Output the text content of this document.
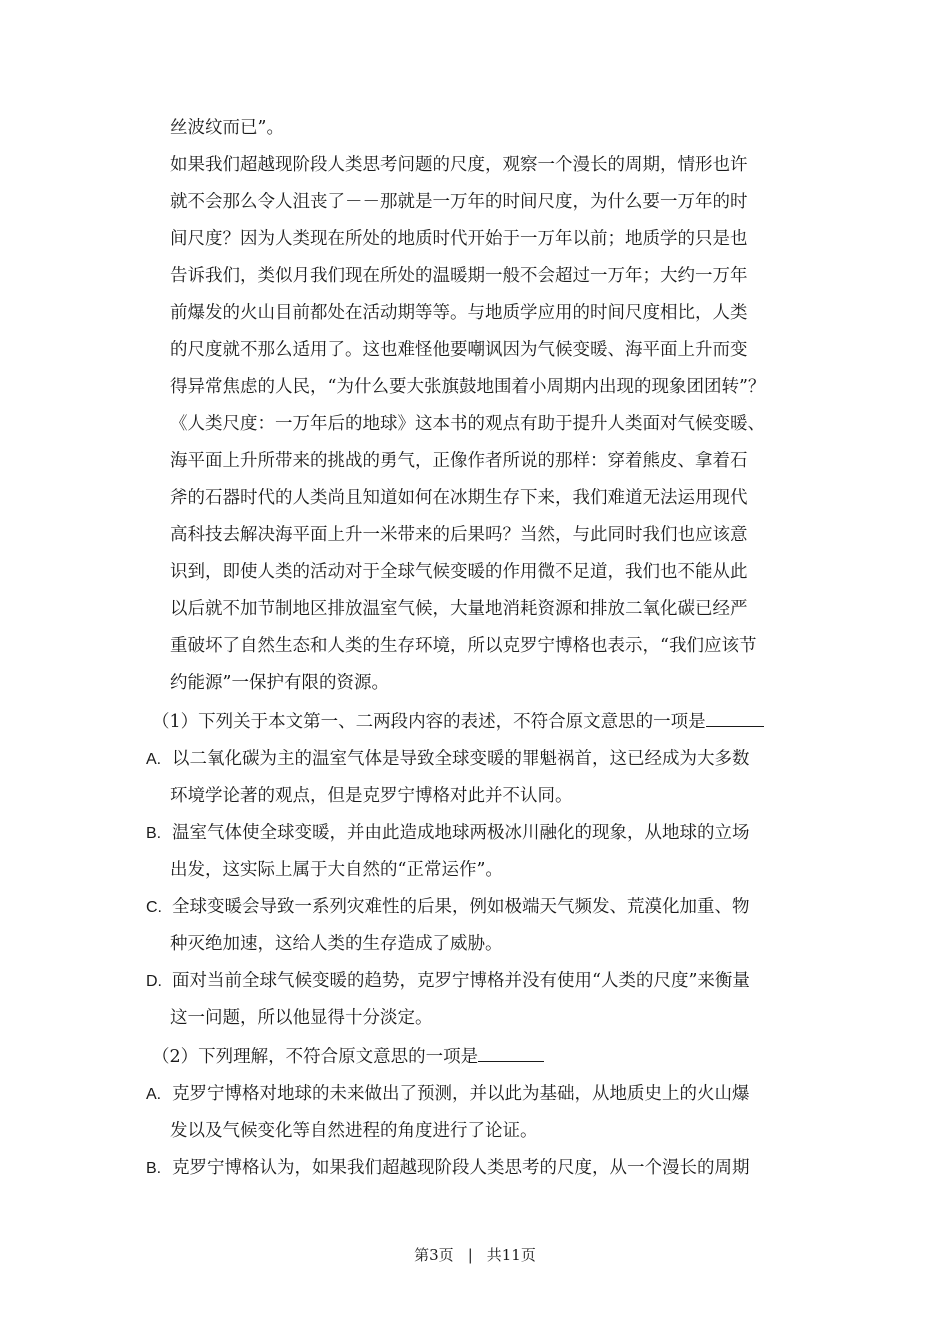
丝波纹而已”。
如果我们超越现阶段人类思考问题的尺度，观察一个漫长的周期，情形也许
就不会那么令人沮丧了－－那就是一万年的时间尺度，为什么要一万年的时
间尺度？因为人类现在所处的地质时代开始于一万年以前；地质学的只是也
告诉我们，类似月我们现在所处的温暖期一般不会超过一万年；大约一万年
前爆发的火山目前都处在活动期等等。与地质学应用的时间尺度相比，人类
的尺度就不那么适用了。这也难怪他要嘲讽因为气候变暖、海平面上升而变
得异常焦虑的人民，“为什么要大张旗鼓地围着小周期内出现的现象团团转”？
《人类尺度：一万年后的地球》这本书的观点有助于提升人类面对气候变暖、
海平面上升所带来的挑战的勇气，正像作者所说的那样：穿着熊皮、拿着石
斧的石器时代的人类尚且知道如何在冰期生存下来，我们难道无法运用现代
高科技去解决海平面上升一米带来的后果吗？当然，与此同时我们也应该意
识到，即使人类的活动对于全球气候变暖的作用微不足道，我们也不能从此
以后就不加节制地区排放温室气候，大量地消耗资源和排放二氧化碳已经严
重破坏了自然生态和人类的生存环境，所以克罗宁博格也表示，“我们应该节
约能源”一保护有限的资源。
（1）下列关于本文第一、二两段内容的表述，不符合原文意思的一项是
A. 以二氧化碳为主的温室气体是导致全球变暖的罪魁祸首，这已经成为大多数
环境学论著的观点，但是克罗宁博格对此并不认同。
B. 温室气体使全球变暖，并由此造成地球两极冰川融化的现象，从地球的立场
出发，这实际上属于大自然的“正常运作”。
C. 全球变暖会导致一系列灾难性的后果，例如极端天气频发、荒漠化加重、物
种灭绝加速，这给人类的生存造成了威胁。
D. 面对当前全球气候变暖的趋势，克罗宁博格并没有使用“人类的尺度”来衡量
这一问题，所以他显得十分淡定。
（2）下列理解，不符合原文意思的一项是
A. 克罗宁博格对地球的未来做出了预测，并以此为基础，从地质史上的火山爆
发以及气候变化等自然进程的角度进行了论证。
B. 克罗宁博格认为，如果我们超越现阶段人类思考的尺度，从一个漫长的周期
第3页 | 共11页
